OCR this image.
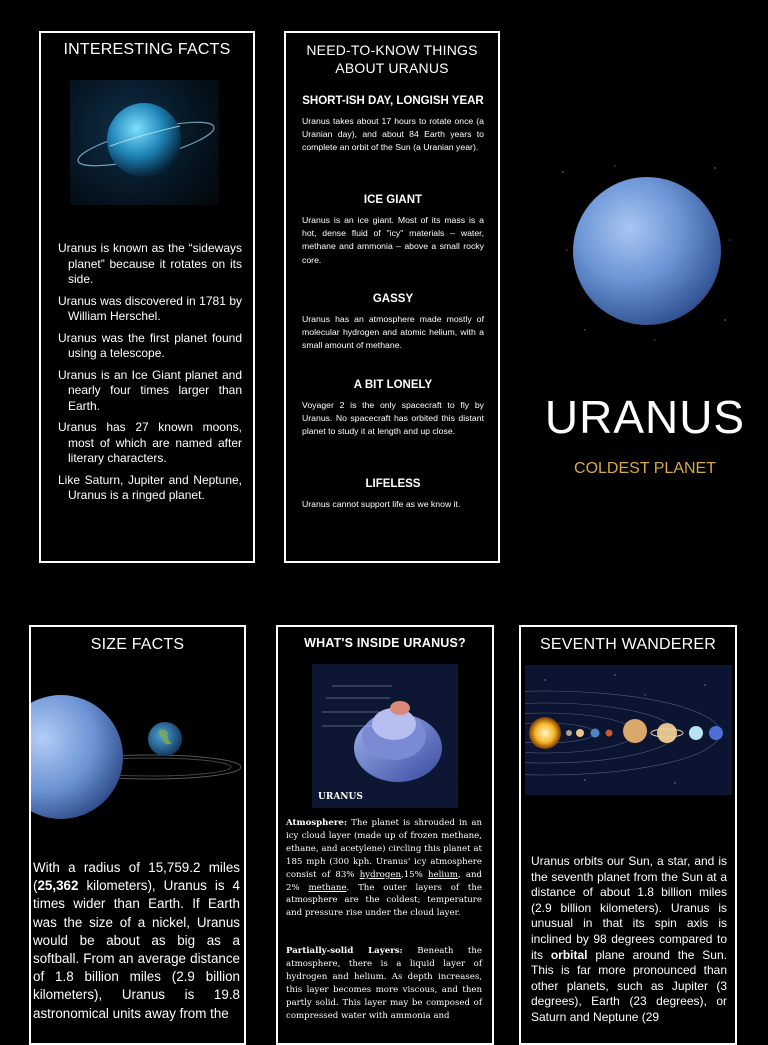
INTERESTING FACTS
Uranus is known as the “sideways planet” because it rotates on its side.
Uranus was discovered in 1781 by William Herschel.
Uranus was the first planet found using a telescope.
Uranus is an Ice Giant planet and nearly four times larger than Earth.
Uranus has 27 known moons, most of which are named after literary characters.
Like Saturn, Jupiter and Neptune, Uranus is a ringed planet.
NEED-TO-KNOW THINGS ABOUT URANUS
SHORT-ISH DAY, LONGISH YEAR

Uranus takes about 17 hours to rotate once (a Uranian day), and about 84 Earth years to complete an orbit of the Sun (a Uranian year).

ICE GIANT

Uranus is an ice giant. Most of its mass is a hot, dense fluid of "icy" materials – water, methane and ammonia – above a small rocky core.

GASSY

Uranus has an atmosphere made mostly of molecular hydrogen and atomic helium, with a small amount of methane.

A BIT LONELY

Voyager 2 is the only spacecraft to fly by Uranus. No spacecraft has orbited this distant planet to study it at length and up close.

LIFELESS

Uranus cannot support life as we know it.

URANUS
COLDEST PLANET
SIZE FACTS

With a radius of 15,759.2 miles (25,362 kilometers), Uranus is 4 times wider than Earth. If Earth was the size of a nickel, Uranus would be about as big as a softball. From an average distance of 1.8 billion miles (2.9 billion kilometers), Uranus is 19.8 astronomical units away from the

WHAT'S INSIDE URANUS?
URANUS

Atmosphere: The planet is shrouded in an icy cloud layer (made up of frozen methane, ethane, and acetylene) circling this planet at 185 mph (300 kph. Uranus' icy atmosphere consist of 83% hydrogen,15% helium, and 2% methane. The outer layers of the atmosphere are the coldest; temperature and pressure rise under the cloud layer.

Partially-solid Layers: Beneath the atmosphere, there is a liquid layer of hydrogen and helium. As depth increases, this layer becomes more viscous, and then partly solid. This layer may be composed of compressed water with ammonia and

SEVENTH WANDERER

Uranus orbits our Sun, a star, and is the seventh planet from the Sun at a distance of about 1.8 billion miles (2.9 billion kilometers). Uranus is unusual in that its spin axis is inclined by 98 degrees compared to its orbital plane around the Sun. This is far more pronounced than other planets, such as Jupiter (3 degrees), Earth (23 degrees), or Saturn and Neptune (29
